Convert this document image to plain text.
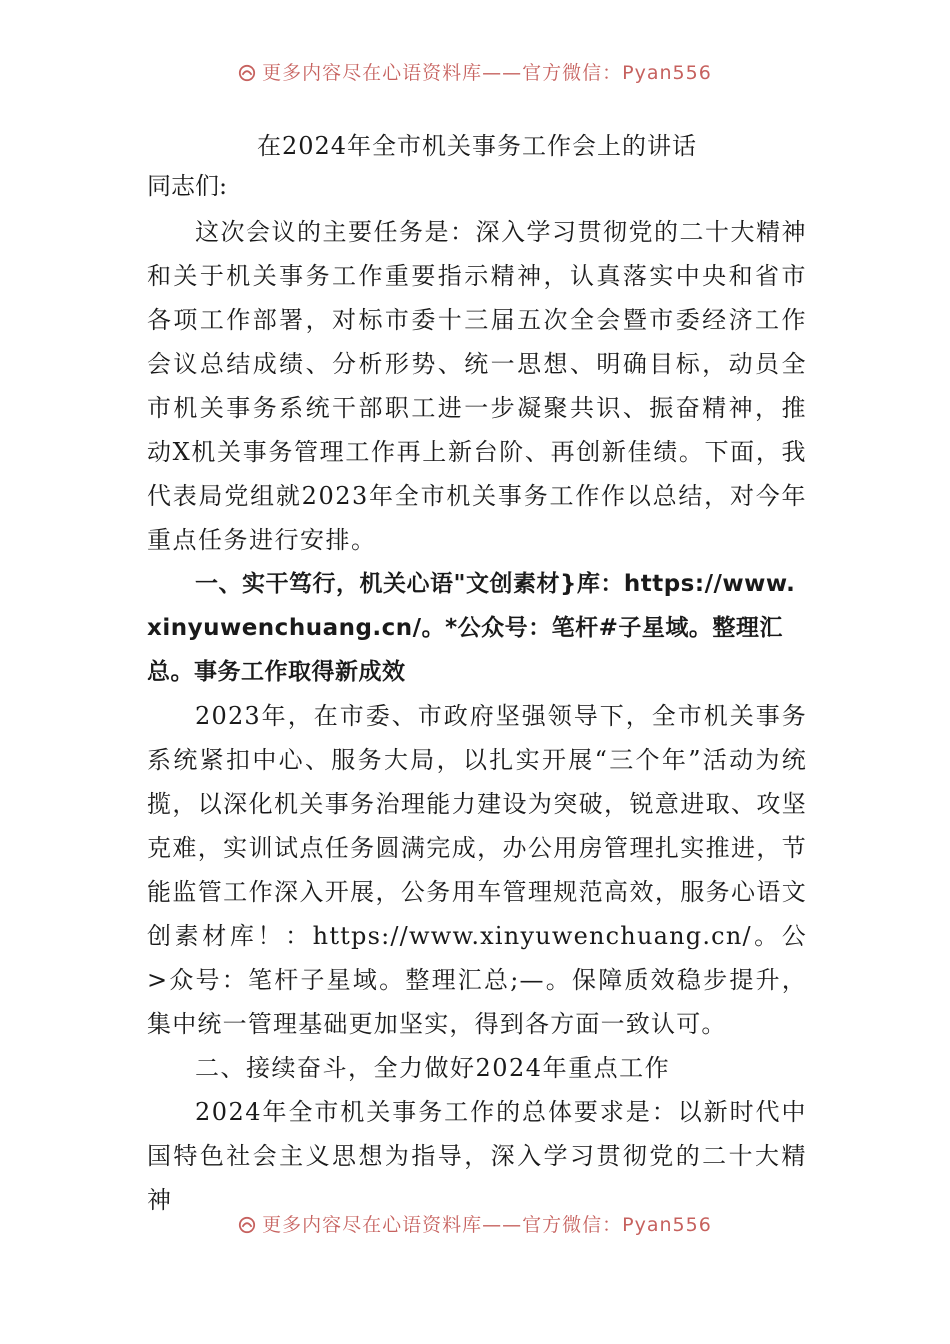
更多内容尽在心语资料库——官方微信：Pyan556
在2024年全市机关事务工作会上的讲话
同志们:

这次会议的主要任务是：深入学习贯彻党的二十大精神和关于机关事务工作重要指示精神，认真落实中央和省市各项工作部署，对标市委十三届五次全会暨市委经济工作会议总结成绩、分析形势、统一思想、明确目标，动员全市机关事务系统干部职工进一步凝聚共识、振奋精神，推动X机关事务管理工作再上新台阶、再创新佳绩。下面，我代表局党组就2023年全市机关事务工作作以总结，对今年重点任务进行安排。

一、实干笃行，机关心语"文创素材}库：https://www.xinyuwenchuang.cn/。*公众号：笔杆#子星域。整理汇总。事务工作取得新成效

2023年，在市委、市政府坚强领导下，全市机关事务系统紧扣中心、服务大局，以扎实开展“三个年”活动为统揽，以深化机关事务治理能力建设为突破，锐意进取、攻坚克难，实训试点任务圆满完成，办公用房管理扎实推进，节能监管工作深入开展，公务用车管理规范高效，服务心语文创素材库！：https://www.xinyuwenchuang.cn/。公>众号：笔杆子星域。整理汇总;—。保障质效稳步提升，集中统一管理基础更加坚实，得到各方面一致认可。

二、接续奋斗，全力做好2024年重点工作

2024年全市机关事务工作的总体要求是：以新时代中国特色社会主义思想为指导，深入学习贯彻党的二十大精神

更多内容尽在心语资料库——官方微信：Pyan556
